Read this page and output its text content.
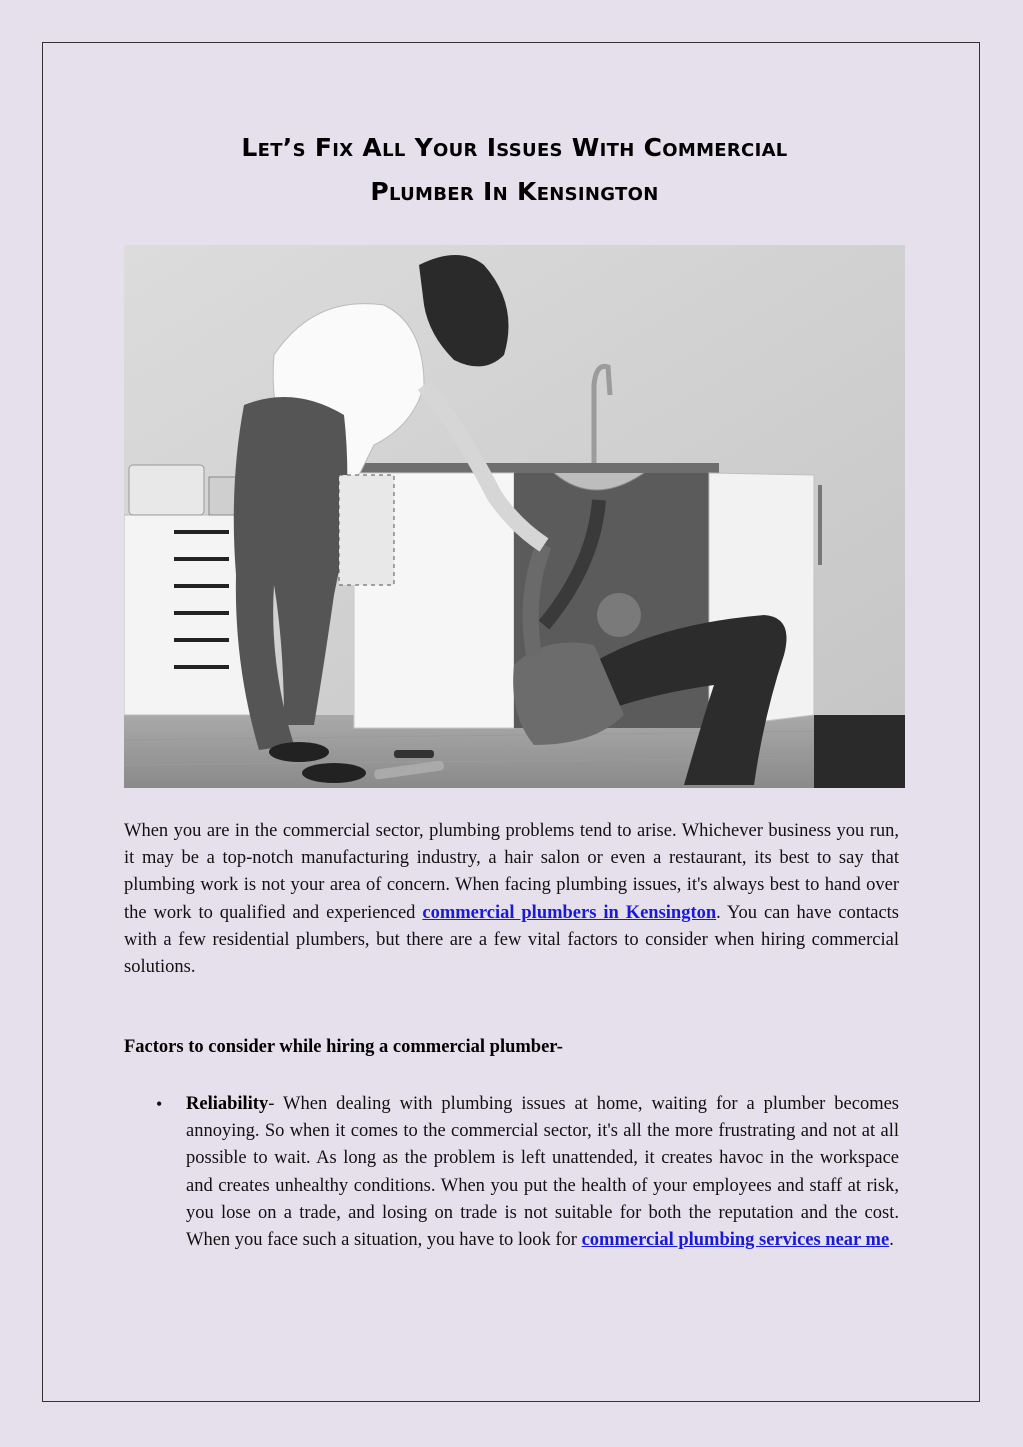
Let’s Fix All Your Issues With Commercial
Plumber In Kensington

When you are in the commercial sector, plumbing problems tend to arise. Whichever business you run, it may be a top-notch manufacturing industry, a hair salon or even a restaurant, its best to say that plumbing work is not your area of concern. When facing plumbing issues, it's always best to hand over the work to qualified and experienced commercial plumbers in Kensington. You can have contacts with a few residential plumbers, but there are a few vital factors to consider when hiring commercial solutions.

Factors to consider while hiring a commercial plumber-
• Reliability- When dealing with plumbing issues at home, waiting for a plumber becomes annoying. So when it comes to the commercial sector, it's all the more frustrating and not at all possible to wait. As long as the problem is left unattended, it creates havoc in the workspace and creates unhealthy conditions. When you put the health of your employees and staff at risk, you lose on a trade, and losing on trade is not suitable for both the reputation and the cost. When you face such a situation, you have to look for commercial plumbing services near me.
